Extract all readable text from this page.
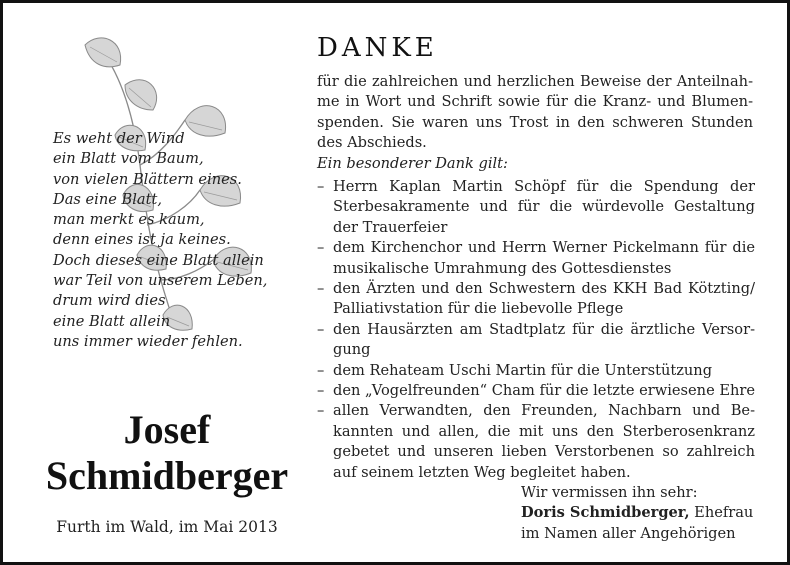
Es weht der Wind
ein Blatt vom Baum,
von vielen Blättern eines.
Das eine Blatt,
man merkt es kaum,
denn eines ist ja keines.
Doch dieses eine Blatt allein
war Teil von unserem Leben,
drum wird dies
eine Blatt allein
uns immer wieder fehlen.
Josef
Schmidberger
Furth im Wald, im Mai 2013
DANKE
für die zahlreichen und herzlichen Beweise der Anteilnahme in Wort und Schrift sowie für die Kranz- und Blumenspenden. Sie waren uns Trost in den schweren Stunden des Abschieds.
Ein besonderer Dank gilt:
– Herrn Kaplan Martin Schöpf für die Spendung der Sterbesakramente und für die würdevolle Gestaltung der Trauerfeier
– dem Kirchenchor und Herrn Werner Pickelmann für die musikalische Umrahmung des Gottesdienstes
– den Ärzten und den Schwestern des KKH Bad Kötzting/ Palliativstation für die liebevolle Pflege
– den Hausärzten am Stadtplatz für die ärztliche Versorgung
– dem Rehateam Uschi Martin für die Unterstützung
– den „Vogelfreunden“ Cham für die letzte erwiesene Ehre
– allen Verwandten, den Freunden, Nachbarn und Bekannten und allen, die mit uns den Sterberosenkranz gebetet und unseren lieben Verstorbenen so zahlreich auf seinem letzten Weg begleitet haben.
Wir vermissen ihn sehr:
Doris Schmidberger, Ehefrau
im Namen aller Angehörigen
